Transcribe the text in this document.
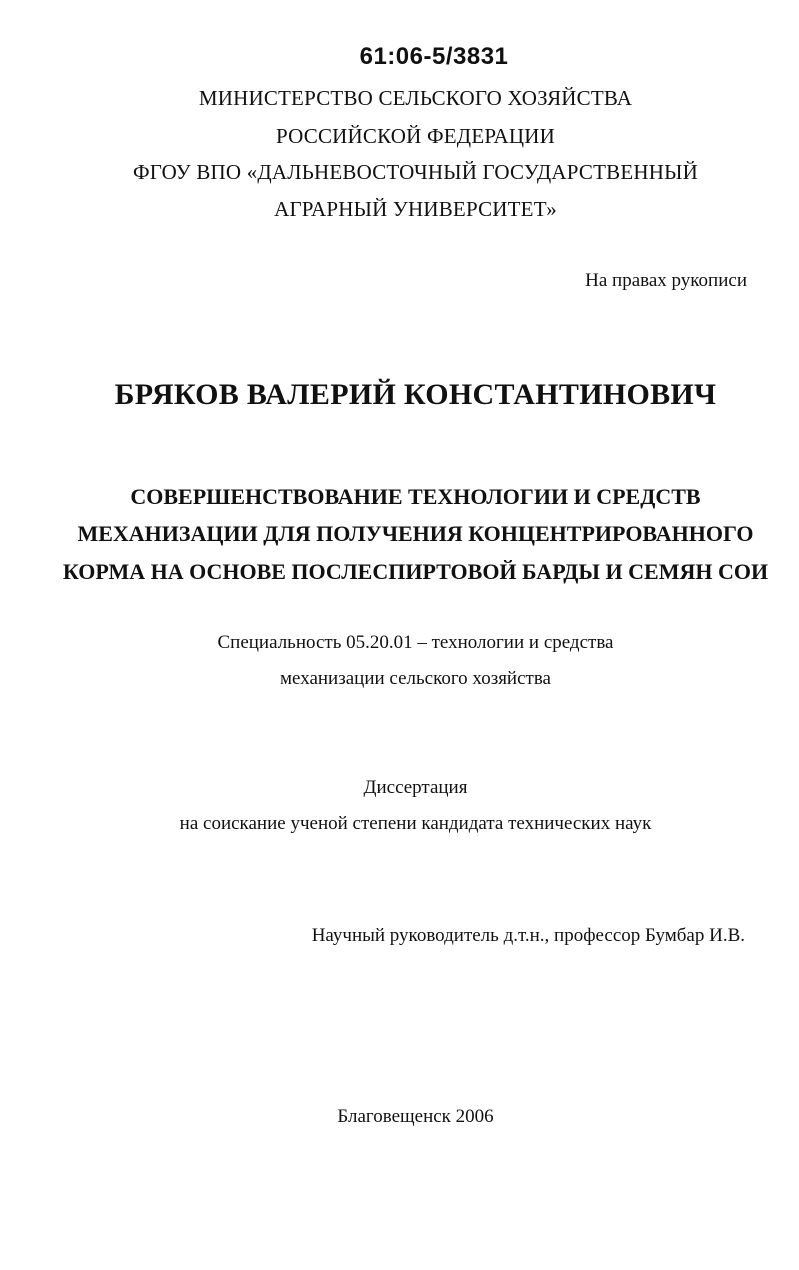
61:06-5/3831
МИНИСТЕРСТВО СЕЛЬСКОГО ХОЗЯЙСТВА
РОССИЙСКОЙ ФЕДЕРАЦИИ
ФГОУ ВПО «ДАЛЬНЕВОСТОЧНЫЙ ГОСУДАРСТВЕННЫЙ
АГРАРНЫЙ УНИВЕРСИТЕТ»
На правах рукописи
БРЯКОВ ВАЛЕРИЙ КОНСТАНТИНОВИЧ
СОВЕРШЕНСТВОВАНИЕ ТЕХНОЛОГИИ И СРЕДСТВ
МЕХАНИЗАЦИИ ДЛЯ ПОЛУЧЕНИЯ КОНЦЕНТРИРОВАННОГО
КОРМА НА ОСНОВЕ ПОСЛЕСПИРТОВОЙ БАРДЫ И СЕМЯН СОИ
Специальность 05.20.01 – технологии и средства
механизации сельского хозяйства
Диссертация
на соискание ученой степени кандидата технических наук
Научный руководитель д.т.н., профессор Бумбар И.В.
Благовещенск 2006
